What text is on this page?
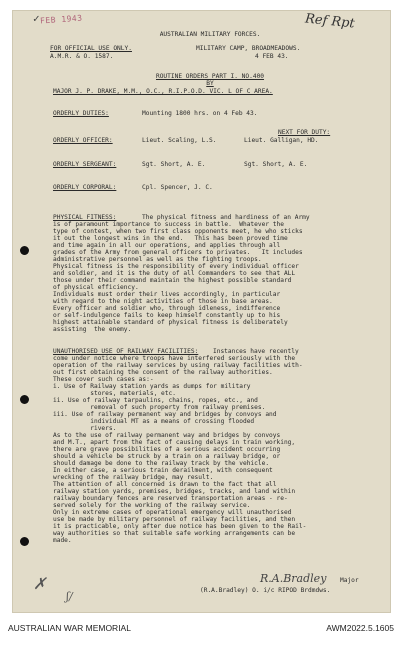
✓ FEB 1943	Ref Rpt
AUSTRALIAN MILITARY FORCES.
FOR OFFICIAL USE ONLY.
A.M.R. & O. 1587.
MILITARY CAMP, BROADMEADOWS.
4 FEB 43.
ROUTINE ORDERS PART I. NO.400
BY
MAJOR J. P. DRAKE, M.M., O.C., R.I.P.O.D. VIC. L OF C AREA.
ORDERLY DUTIES:	Mounting 1800 hrs. on 4 Feb 43.
NEXT FOR DUTY:
ORDERLY OFFICER:	Lieut. Scaling, L.S.	Lieut. Galligan, HD.
ORDERLY SERGEANT:	Sgt. Short, A. E.	Sgt. Short, A. E.
ORDERLY CORPORAL:	Cpl. Spencer, J. C.
PHYSICAL FITNESS:	The physical fitness and hardiness of an Army
is of paramount importance to success in battle.  Whatever the
type of contest, when two first class opponents meet, he who sticks
it out the longest wins in the end.   This has been proved time
and time again in all our operations, and applies through all
grades of the Army from general officers to privates.   It includes
administrative personnel as well as the fighting troops.
Physical fitness is the responsibility of every individual officer
and soldier, and it is the duty of all Commanders to see that ALL
those under their command maintain the highest possible standard
of physical efficiency.
Individuals must order their lives accordingly, in particular
with regard to the night activities of those in base areas.
Every officer and soldier who, through idleness, indifference
or self-indulgence fails to keep himself constantly up to his
highest attainable standard of physical fitness is deliberately
assisting  the enemy.
UNAUTHORISED USE OF RAILWAY FACILITIES: Instances have recently
come under notice where troops have interfered seriously with the
operation of the railway services by using railway facilities with-
out first obtaining the consent of the railway authorities.
These cover such cases as:-
i. Use of Railway station yards as dumps for military
stores, materials, etc.
ii. Use of railway tarpaulins, chains, ropes, etc., and
removal of such property from railway premises.
iii. Use of railway permanent way and bridges by convoys and
individual MT as a means of crossing flooded
rivers.
As to the use of railway permanent way and bridges by convoys
and M.T., apart from the fact of causing delays in train working,
there are grave possibilities of a serious accident occurring
should a vehicle be struck by a train on a railway bridge, or
should damage be done to the railway track by the vehicle.
In either case, a serious train derailment, with consequent
wrecking of the railway bridge, may result.
The attention of all concerned is drawn to the fact that all
railway station yards, premises, bridges, tracks, and land within
railway boundary fences are reserved transportation areas - re-
served solely for the working of the railway service.
Only in extreme cases of operational emergency will unauthorised
use be made by military personnel of railway facilities, and then
it is practicable, only after due notice has been given to the Rail-
way authorities so that suitable safe working arrangements can be
made.
R.A.Bradley Major
(R.A.Bradley) O. i/c RIPOD Brdmdws.
✗
ʃ/
AUSTRALIAN WAR MEMORIAL	AWM2022.5.1605
